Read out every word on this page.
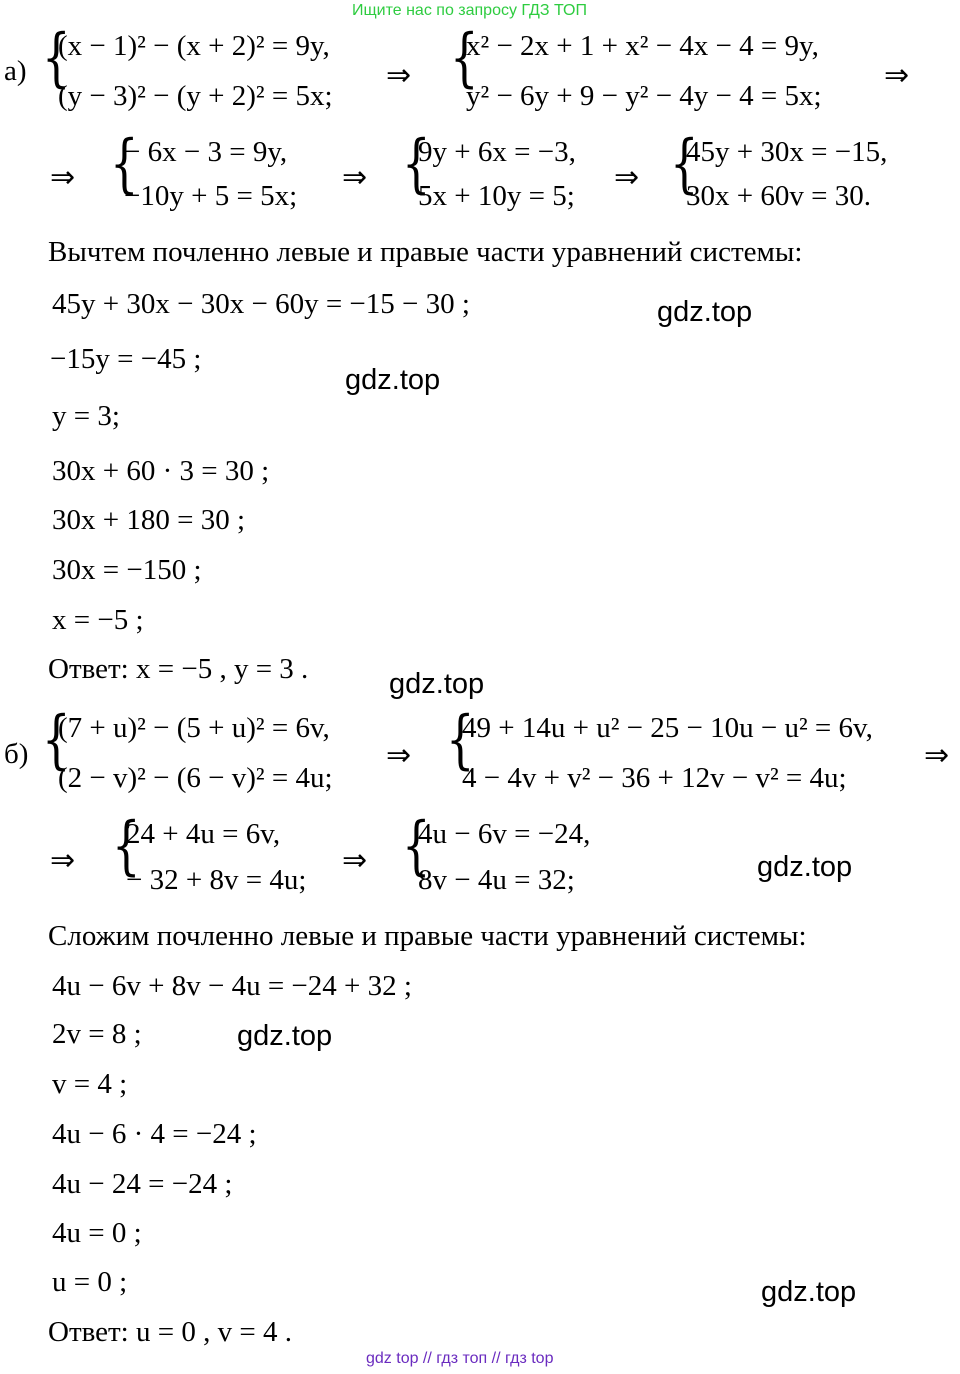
Ищите нас по запросу ГДЗ ТОП
а) {
(x − 1)² − (x + 2)² = 9y,
(y − 3)² − (y + 2)² = 5x;
⇒ {
x² − 2x + 1 + x² − 4x − 4 = 9y,
y² − 6y + 9 − y² − 4y − 4 = 5x;
⇒
⇒ {
− 6x − 3 = 9y,
−10y + 5 = 5x;
⇒ {
9y + 6x = −3,
5x + 10y = 5;
⇒ {
45y + 30x = −15,
30x + 60v = 30.
Вычтем почленно левые и правые части уравнений системы:
45y + 30x − 30x − 60y = −15 − 30 ;
−15y = −45 ;
y = 3;
30x + 60 · 3 = 30 ;
30x + 180 = 30 ;
30x = −150 ;
x = −5 ;
Ответ: x = −5 , y = 3 .
gdz.top
gdz.top
gdz.top
б) {
(7 + u)² − (5 + u)² = 6v,
(2 − v)² − (6 − v)² = 4u;
⇒ {
49 + 14u + u² − 25 − 10u − u² = 6v,
4 − 4v + v² − 36 + 12v − v² = 4u;
⇒
⇒ {
24 + 4u = 6v,
− 32 + 8v = 4u;
⇒ {
4u − 6v = −24,
8v − 4u = 32;
Сложим почленно левые и правые части уравнений системы:
4u − 6v + 8v − 4u = −24 + 32 ;
2v = 8 ;
v = 4 ;
4u − 6 · 4 = −24 ;
4u − 24 = −24 ;
4u = 0 ;
u = 0 ;
Ответ: u = 0 , v = 4 .
gdz.top
gdz.top
gdz.top
gdz top // гдз топ // гдз top
